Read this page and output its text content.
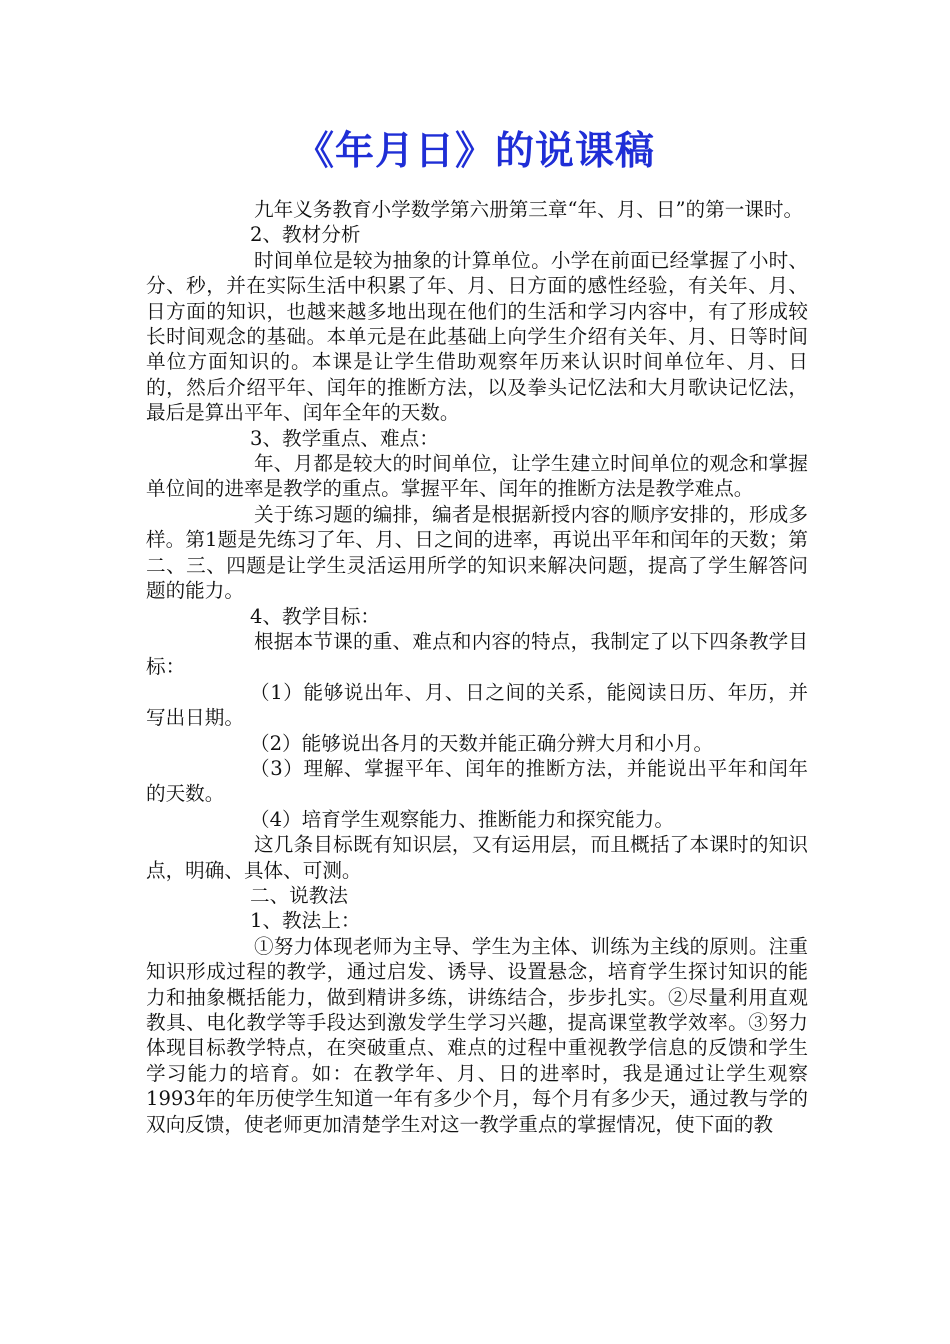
《年月日》的说课稿

九年义务教育小学数学第六册第三章“年、月、日”的第一课时。

2、教材分析

时间单位是较为抽象的计算单位。小学在前面已经掌握了小时、分、秒，并在实际生活中积累了年、月、日方面的感性经验，有关年、月、日方面的知识，也越来越多地出现在他们的生活和学习内容中，有了形成较长时间观念的基础。本单元是在此基础上向学生介绍有关年、月、日等时间单位方面知识的。本课是让学生借助观察年历来认识时间单位年、月、日的，然后介绍平年、闰年的推断方法，以及拳头记忆法和大月歌诀记忆法，最后是算出平年、闰年全年的天数。

3、教学重点、难点：

年、月都是较大的时间单位，让学生建立时间单位的观念和掌握单位间的进率是教学的重点。掌握平年、闰年的推断方法是教学难点。

关于练习题的编排，编者是根据新授内容的顺序安排的，形成多样。第1题是先练习了年、月、日之间的进率，再说出平年和闰年的天数；第二、三、四题是让学生灵活运用所学的知识来解决问题，提高了学生解答问题的能力。

4、教学目标：

根据本节课的重、难点和内容的特点，我制定了以下四条教学目标：

（1）能够说出年、月、日之间的关系，能阅读日历、年历，并写出日期。

（2）能够说出各月的天数并能正确分辨大月和小月。

（3）理解、掌握平年、闰年的推断方法，并能说出平年和闰年的天数。

（4）培育学生观察能力、推断能力和探究能力。

这几条目标既有知识层，又有运用层，而且概括了本课时的知识点，明确、具体、可测。

二、说教法

1、教法上：

①努力体现老师为主导、学生为主体、训练为主线的原则。注重知识形成过程的教学，通过启发、诱导、设置悬念，培育学生探讨知识的能力和抽象概括能力，做到精讲多练，讲练结合，步步扎实。②尽量利用直观教具、电化教学等手段达到激发学生学习兴趣，提高课堂教学效率。③努力体现目标教学特点，在突破重点、难点的过程中重视教学信息的反馈和学生学习能力的培育。如：在教学年、月、日的进率时，我是通过让学生观察1993年的年历使学生知道一年有多少个月，每个月有多少天，通过教与学的双向反馈，使老师更加清楚学生对这一教学重点的掌握情况，使下面的教
